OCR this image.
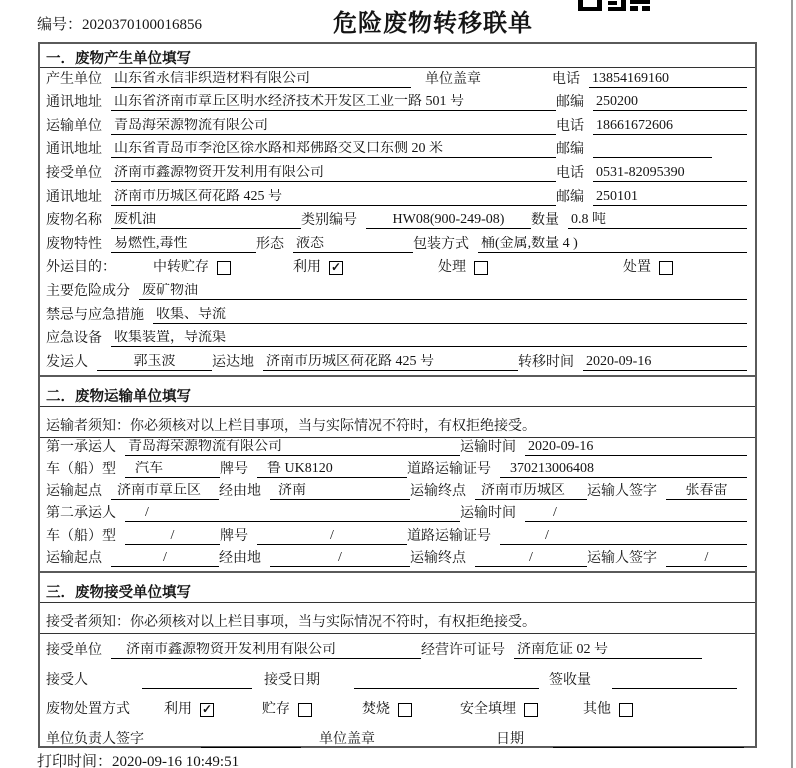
编号：2020370100016856	危险废物转移联单
一．废物产生单位填写
产生单位 山东省永信非织造材料有限公司	单位盖章	电话 13854169160
通讯地址 山东省济南市章丘区明水经济技术开发区工业一路 501 号	邮编 250200
运输单位 青岛海荣源物流有限公司	电话 18661672606
通讯地址 山东省青岛市李沧区徐水路和郑佛路交叉口东侧 20 米	邮编
接受单位 济南市鑫源物资开发利用有限公司	电话 0531-82095390
通讯地址 济南市历城区荷花路 425 号	邮编 250101
废物名称 废机油	类别编号	HW08(900-249-08)	数量 0.8 吨
废物特性 易燃性,毒性	形态 液态	包装方式 桶(金属,数量 4 )
外运目的：	中转贮存	利用 ✓	处理	处置
主要危险成分 废矿物油
禁忌与应急措施 收集、导流
应急设备 收集装置，导流渠
发运人	郭玉波	运达地 济南市历城区荷花路 425 号	转移时间 2020-09-16
二．废物运输单位填写
运输者须知：你必须核对以上栏目事项，当与实际情况不符时，有权拒绝接受。
第一承运人 青岛海荣源物流有限公司	运输时间 2020-09-16
车（船）型	汽车	牌号	鲁 UK8120	道路运输证号	370213006408
运输起点	济南市章丘区	经由地	济南	运输终点	济南市历城区	运输人签字	张春雷
第二承运人	/	运输时间	/
车（船）型	/	牌号	/	道路运输证号	/
运输起点	/	经由地	/	运输终点	/	运输人签字	/
三．废物接受单位填写
接受者须知：你必须核对以上栏目事项，当与实际情况不符时，有权拒绝接受。
接受单位	济南市鑫源物资开发利用有限公司	经营许可证号 济南危证 02 号
接受人	接受日期	签收量
废物处置方式 利用 ✓	贮存	焚烧	安全填埋	其他
单位负责人签字	单位盖章	日期
打印时间：2020-09-16 10:49:51
